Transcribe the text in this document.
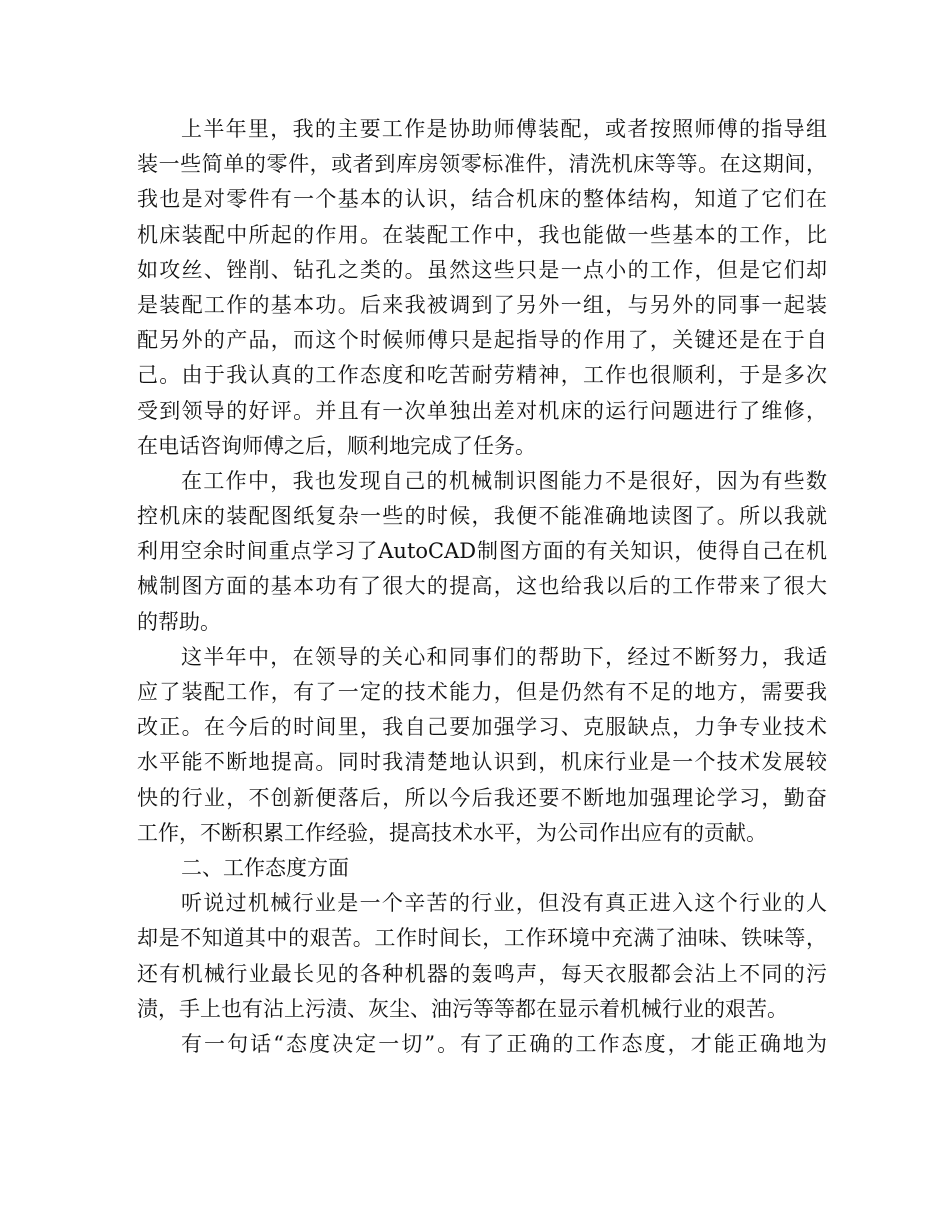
上半年里，我的主要工作是协助师傅装配，或者按照师傅的指导组
装一些简单的零件，或者到库房领零标准件，清洗机床等等。在这期间，
我也是对零件有一个基本的认识，结合机床的整体结构，知道了它们在
机床装配中所起的作用。在装配工作中，我也能做一些基本的工作，比
如攻丝、锉削、钻孔之类的。虽然这些只是一点小的工作，但是它们却
是装配工作的基本功。后来我被调到了另外一组，与另外的同事一起装
配另外的产品，而这个时候师傅只是起指导的作用了，关键还是在于自
己。由于我认真的工作态度和吃苦耐劳精神，工作也很顺利，于是多次
受到领导的好评。并且有一次单独出差对机床的运行问题进行了维修，
在电话咨询师傅之后，顺利地完成了任务。
在工作中，我也发现自己的机械制识图能力不是很好，因为有些数
控机床的装配图纸复杂一些的时候，我便不能准确地读图了。所以我就
利用空余时间重点学习了AutoCAD制图方面的有关知识，使得自己在机
械制图方面的基本功有了很大的提高，这也给我以后的工作带来了很大
的帮助。
这半年中，在领导的关心和同事们的帮助下，经过不断努力，我适
应了装配工作，有了一定的技术能力，但是仍然有不足的地方，需要我
改正。在今后的时间里，我自己要加强学习、克服缺点，力争专业技术
水平能不断地提高。同时我清楚地认识到，机床行业是一个技术发展较
快的行业，不创新便落后，所以今后我还要不断地加强理论学习，勤奋
工作，不断积累工作经验，提高技术水平，为公司作出应有的贡献。
二、工作态度方面
听说过机械行业是一个辛苦的行业，但没有真正进入这个行业的人
却是不知道其中的艰苦。工作时间长，工作环境中充满了油味、铁味等，
还有机械行业最长见的各种机器的轰鸣声，每天衣服都会沾上不同的污
渍，手上也有沾上污渍、灰尘、油污等等都在显示着机械行业的艰苦。
有一句话“态度决定一切”。有了正确的工作态度，才能正确地为
